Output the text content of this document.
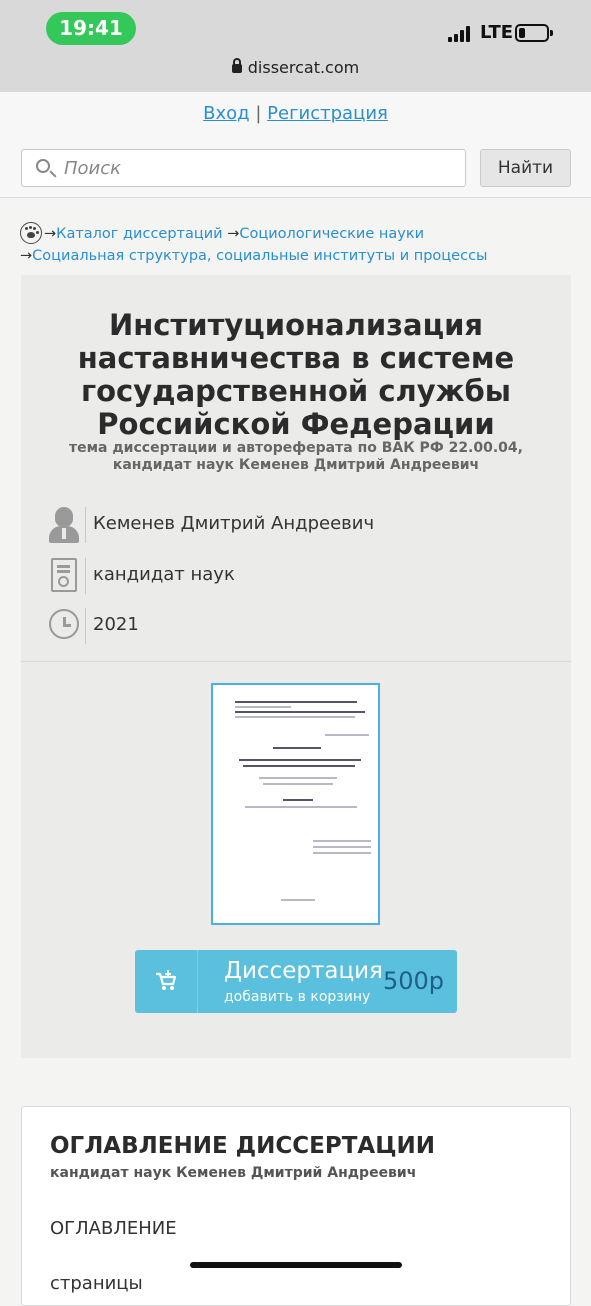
19:41	LTE
dissercat.com
Вход | Регистрация
Поиск
Найти
→Каталог диссертаций →Социологические науки
→Социальная структура, социальные институты и процессы
Институционализация наставничества в системе государственной службы Российской Федерации
тема диссертации и автореферата по ВАК РФ 22.00.04, кандидат наук Кеменев Дмитрий Андреевич
Кеменев Дмитрий Андреевич
кандидат наук
2021
Диссертация
добавить в корзину
500р
ОГЛАВЛЕНИЕ ДИССЕРТАЦИИ
кандидат наук Кеменев Дмитрий Андреевич
ОГЛАВЛЕНИЕ
страницы
